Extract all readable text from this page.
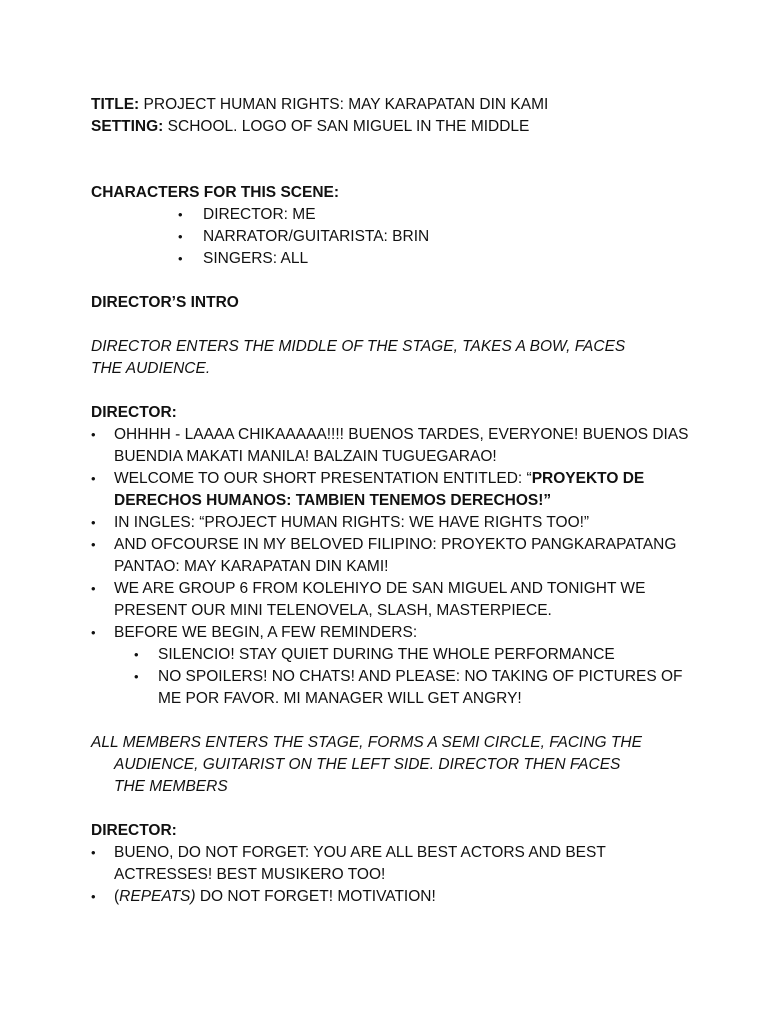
TITLE: PROJECT HUMAN RIGHTS: MAY KARAPATAN DIN KAMI
SETTING: SCHOOL. LOGO OF SAN MIGUEL IN THE MIDDLE
CHARACTERS FOR THIS SCENE:
• DIRECTOR: ME
• NARRATOR/GUITARISTA: BRIN
• SINGERS: ALL
DIRECTOR’S INTRO
DIRECTOR ENTERS THE MIDDLE OF THE STAGE, TAKES A BOW, FACES THE AUDIENCE.
DIRECTOR:
• OHHHH - LAAAA CHIKAAAAA!!!! BUENOS TARDES, EVERYONE! BUENOS DIAS BUENDIA MAKATI MANILA! BALZAIN TUGUEGARAO!
• WELCOME TO OUR SHORT PRESENTATION ENTITLED: “PROYEKTO DE DERECHOS HUMANOS: TAMBIEN TENEMOS DERECHOS!”
• IN INGLES: “PROJECT HUMAN RIGHTS: WE HAVE RIGHTS TOO!”
• AND OFCOURSE IN MY BELOVED FILIPINO: PROYEKTO PANGKARAPATANG PANTAO: MAY KARAPATAN DIN KAMI!
• WE ARE GROUP 6 FROM KOLEHIYO DE SAN MIGUEL AND TONIGHT WE PRESENT OUR MINI TELENOVELA, SLASH, MASTERPIECE.
• BEFORE WE BEGIN, A FEW REMINDERS:
• SILENCIO! STAY QUIET DURING THE WHOLE PERFORMANCE
• NO SPOILERS! NO CHATS! AND PLEASE: NO TAKING OF PICTURES OF ME POR FAVOR. MI MANAGER WILL GET ANGRY!
ALL MEMBERS ENTERS THE STAGE, FORMS A SEMI CIRCLE, FACING THE AUDIENCE, GUITARIST ON THE LEFT SIDE. DIRECTOR THEN FACES THE MEMBERS
DIRECTOR:
• BUENO, DO NOT FORGET: YOU ARE ALL BEST ACTORS AND BEST ACTRESSES! BEST MUSIKERO TOO!
• (REPEATS) DO NOT FORGET! MOTIVATION!
